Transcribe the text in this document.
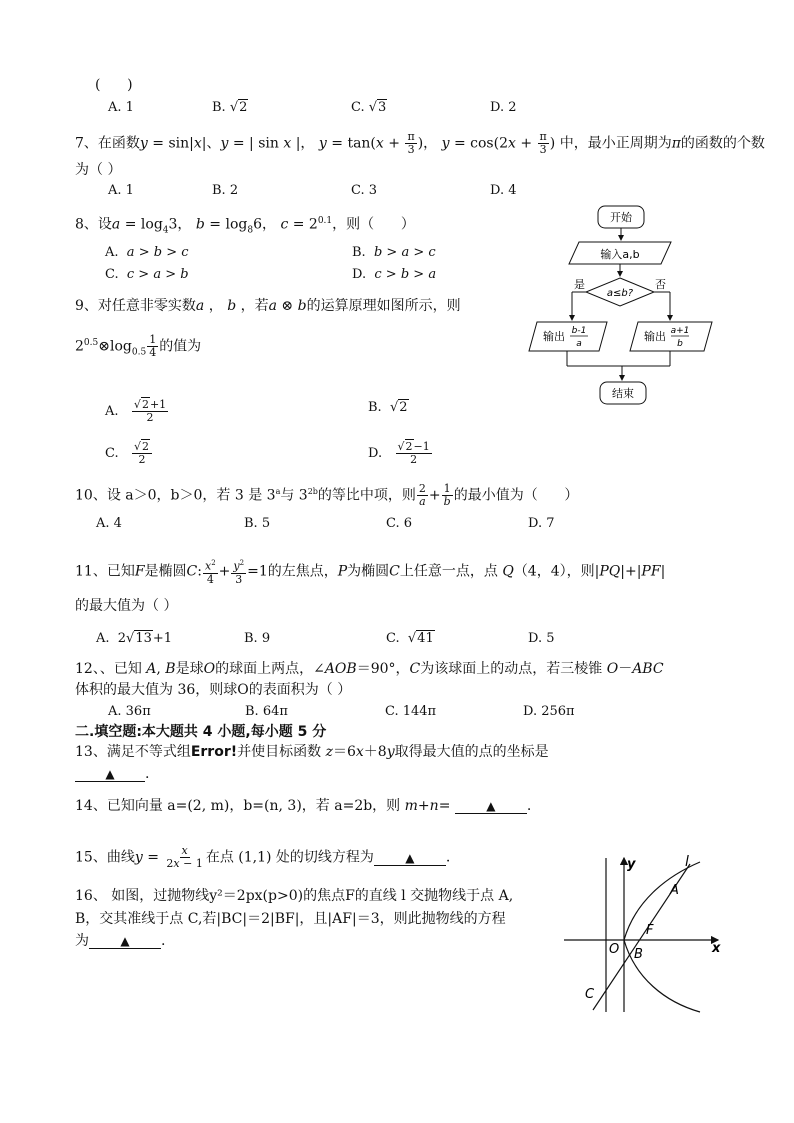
(      )
A. 1	B. √2	C. √3	D. 2
7、在函数y = sin|x|、y = | sin x |， $y = \tan(x + \frac{\pi}{3}$ )， $y = \cos(2x + \frac{\pi}{3}$ ) 中，最小正周期为π的函数的个数
为（ ）
A. 1	B. 2	C. 3	D. 4
8、设$a = \log_43$， $b = \log_86$， $c = 2^{0.1}$，则（      ）
A.  a > b > c	B.  b > a > c
C.  c > a > b	D.  c > b > a
9、对任意非零实数a ， b ，若a ⊗ b的运算原理如图所示，则
$2^{0.5}\otimes\log_{0.5} \frac{1}{4}$ 的值为
A. $\frac{√2+1}{2}$	B.  √2
C. $\frac{√2}{2}$	D. $\frac{√2-1}{2}$
开始
输入a,b
a≤b?
是	否
输出 b-1
a
输出 a+1
b
结束
10、设 a＞0，b＞0，若 3 是 3$^a$与 $3^{2b}$的等比中项，则 $\frac{2}{a} + \frac{1}{b}$ 的最小值为（      ）
A. 4	B. 5	C. 6	D. 7
11、已知F是椭圆C: $\frac{x^2}{4} + \frac{y^2}{3} =1$的左焦点，P为椭圆C上任意一点，点 Q（4，4），则|PQ|+|PF|
的最大值为（ ）
A.  2√13+1	B. 9	C.  √41	D. 5
12、、已知 A, B是球O的球面上两点，∠AOB＝90°，C为该球面上的动点，若三棱锥 O－ABC
体积的最大值为 36，则球O的表面积为（ ）
A. 36π	B. 64π	C. 144π	D. 256π
二.填空题:本大题共 4 小题,每小题 5 分
13、满足不等式组Error!并使目标函数 z＝6x＋8y取得最大值的点的坐标是
▲ .
14、已知向量 a=(2, m)，b=(n, 3)，若 a=2b，则 m+n=	▲ .
15、曲线$y = \frac{x}{2x - 1}$ 在点 (1,1) 处的切线方程为	▲ .
16、 如图，过抛物线y²＝2px(p>0)的焦点F的直线 l 交抛物线于点 A,
B，交其准线于点 C,若|BC|＝2|BF|，且|AF|＝3，则此抛物线的方程
为	▲ .
y
x
l
A
F
O B
C
